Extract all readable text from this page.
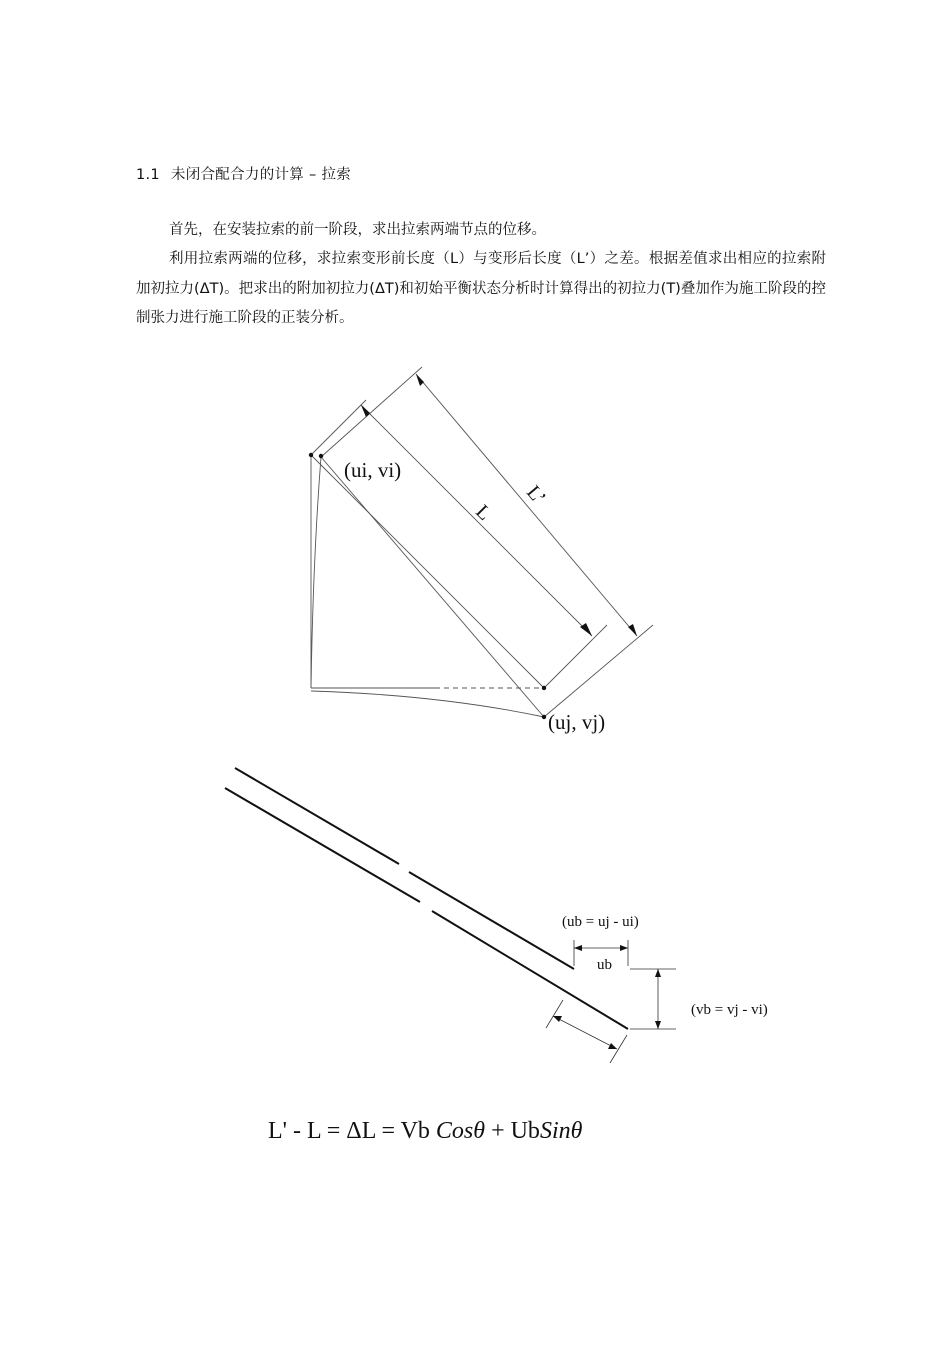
1.1 未闭合配合力的计算 – 拉索
首先，在安装拉索的前一阶段，求出拉索两端节点的位移。
利用拉索两端的位移，求拉索变形前长度（L）与变形后长度（L’）之差。根据差值求出相应的拉索附加初拉力(ΔT)。把求出的附加初拉力(ΔT)和初始平衡状态分析时计算得出的初拉力(T)叠加作为施工阶段的控制张力进行施工阶段的正装分析。
(ui, vi)
(uj, vj)
L
L’
(ub = uj - ui)
ub
(vb = vj - vi)
L' - L = ΔL = Vb Cosθ + UbSinθ
